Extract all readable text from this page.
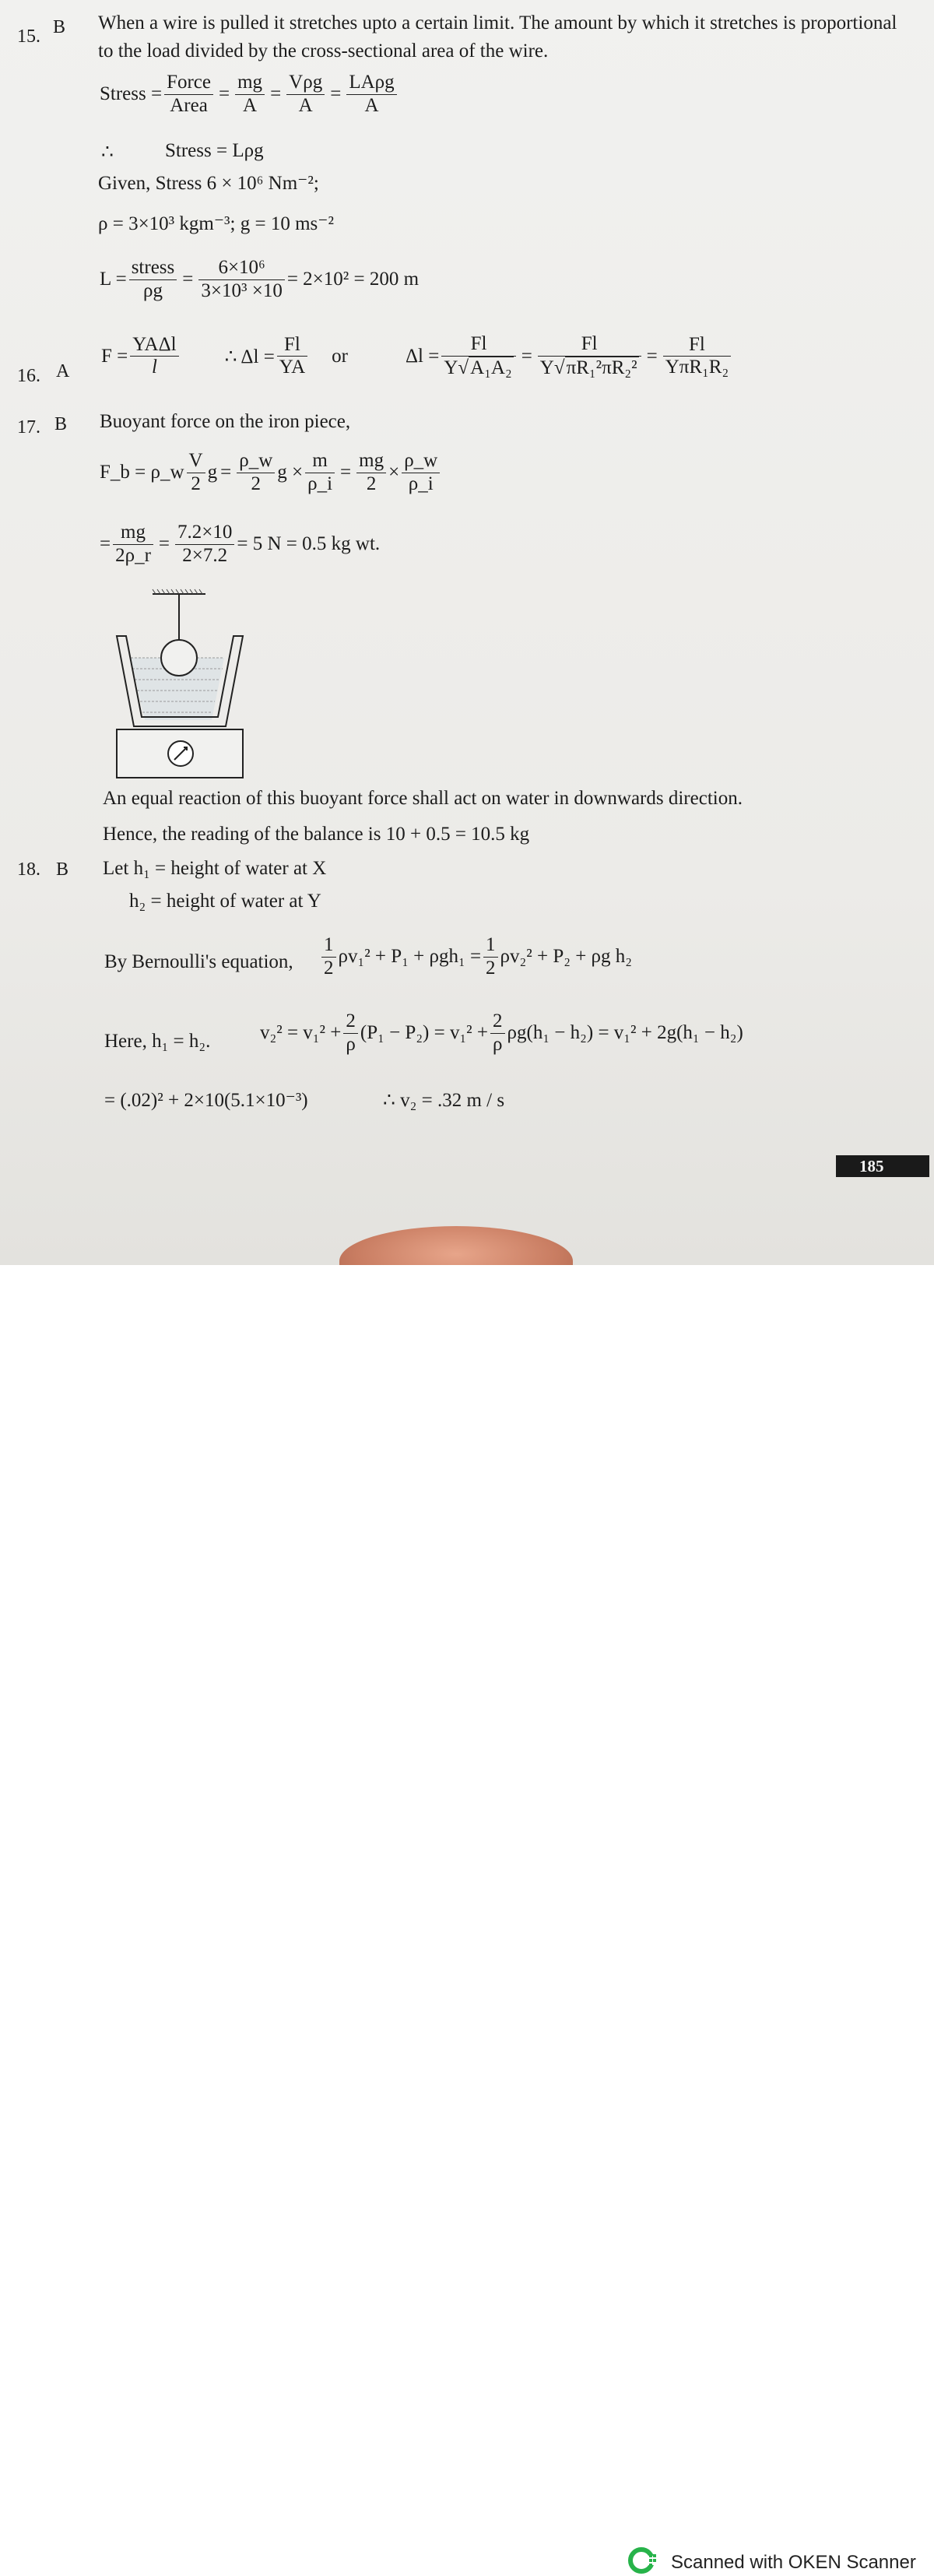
15. B When a wire is pulled it stretches upto a certain limit. The amount by which it stretches is proportional
to the load divided by the cross-sectional area of the wire.
Stress = $\frac{\text{Force}}{\text{Area}} = \frac{mg}{A} = \frac{\text{Vρg}}{A} = \frac{\text{LAρg}}{A}$
∴	Stress = Lρg
Given, Stress 6 × 10⁶ Nm⁻²;
ρ = 3×10³ kgm⁻³; g = 10 ms⁻²
$L = \frac{\text{stress}}{\rho g} = \frac{\text{6×10⁶}}{\text{3×10³ ×10}} = 2\times 10^2 = 200$ m
16. A
$F = \frac{\text{YAΔl}}{l}$ ∴ $\Delta l = \frac{Fl}{YA}$ or	$\Delta l = \frac{Fl}{\text{Y√A₁A₂}} = \frac{Fl}{\text{Y√πR₁²πR₂²}} = \frac{Fl}{\text{YπR₁R₂}}$
17. B Buoyant force on the iron piece,
F_b = ρ_w $\frac{V}{2}$ $g = \frac{\rho\_w}{2}$ $g \times \frac{m}{\rho\_i} = \frac{mg}{2} \times \frac{\rho\_w}{\rho\_i}$
= $\frac{mg}{2\rho\_r} = \frac{7.2\times 10}{2\times 7.2} = 5$ N = 0.5 kg wt.
An equal reaction of this buoyant force shall act on water in downwards direction.
Hence, the reading of the balance is 10 + 0.5 = 10.5 kg
18. B Let h₁ = height of water at X
h₂ = height of water at Y
By Bernoulli's equation, $\frac{1}{2} \rho v_1^2 + P_1 + \rho gh_1 = \frac{1}{2} \rho v_2^2 + P_2 + \rho g$ h₂
Here, h₁ = h₂.	$v_2^2 = v_1^2 + \frac{2}{\rho} (P_1 - P_2) = v_1^2 + \frac{2}{\rho} \rho g(h_1 - h_2) = v_1^2 + 2g(h_1 - h_2)$
= (.02)² + 2×10(5.1×10⁻³)	∴ v₂ = .32 m / s
185
Scanned with OKEN Scanner
